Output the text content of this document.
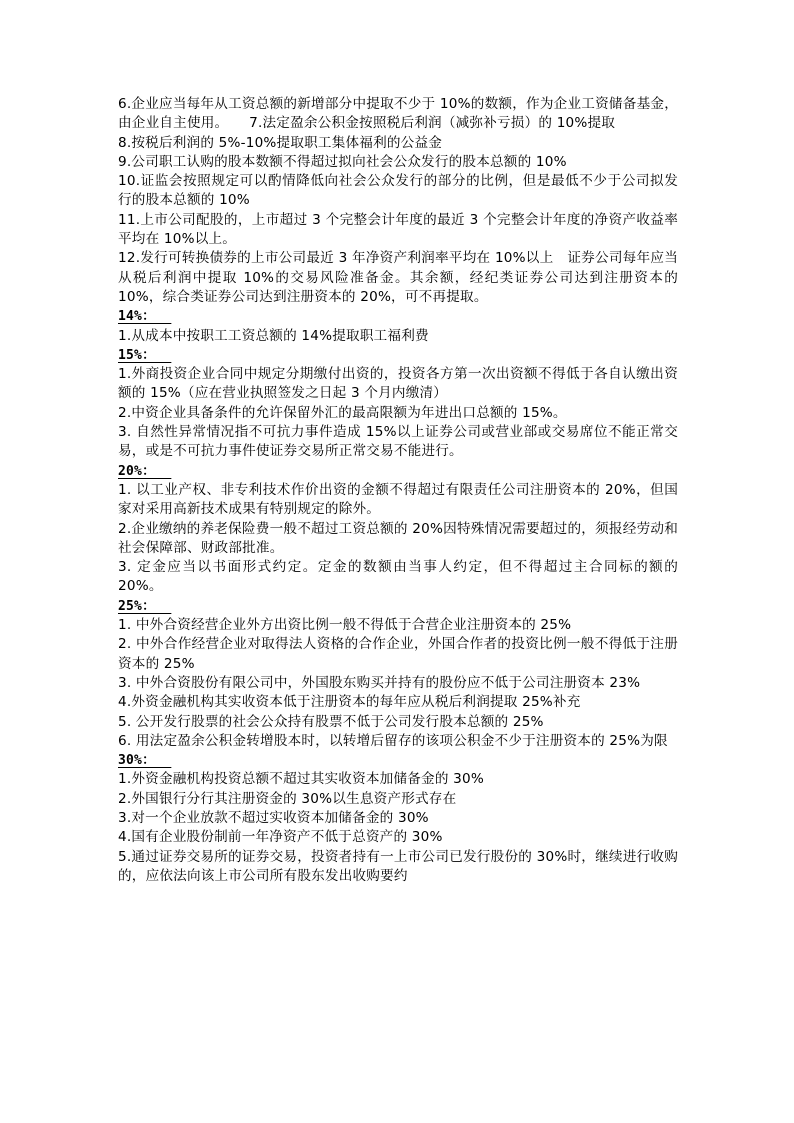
6.企业应当每年从工资总额的新增部分中提取不少于 10%的数额，作为企业工资储备基金，由企业自主使用。　　7.法定盈余公积金按照税后利润（减弥补亏损）的 10%提取

8.按税后利润的 5%-10%提取职工集体福利的公益金

9.公司职工认购的股本数额不得超过拟向社会公众发行的股本总额的 10%

10.证监会按照规定可以酌情降低向社会公众发行的部分的比例，但是最低不少于公司拟发行的股本总额的 10%

11.上市公司配股的，上市超过 3 个完整会计年度的最近 3 个完整会计年度的净资产收益率平均在 10%以上。

12.发行可转换债券的上市公司最近 3 年净资产利润率平均在 10%以上　证券公司每年应当从税后利润中提取 10%的交易风险准备金。其余额，经纪类证券公司达到注册资本的 10%，综合类证券公司达到注册资本的 20%，可不再提取。

14%：

1.从成本中按职工工资总额的 14%提取职工福利费

15%：

1.外商投资企业合同中规定分期缴付出资的，投资各方第一次出资额不得低于各自认缴出资额的 15%（应在营业执照签发之日起 3 个月内缴清）

2.中资企业具备条件的允许保留外汇的最高限额为年进出口总额的 15%。

3. 自然性异常情况指不可抗力事件造成 15%以上证券公司或营业部或交易席位不能正常交易，或是不可抗力事件使证券交易所正常交易不能进行。

20%：

1. 以工业产权、非专利技术作价出资的金额不得超过有限责任公司注册资本的 20%，但国家对采用高新技术成果有特别规定的除外。

2.企业缴纳的养老保险费一般不超过工资总额的 20%因特殊情况需要超过的，须报经劳动和社会保障部、财政部批准。

3. 定金应当以书面形式约定。定金的数额由当事人约定，但不得超过主合同标的额的 20%。

25%：

1. 中外合资经营企业外方出资比例一般不得低于合营企业注册资本的 25%

2. 中外合作经营企业对取得法人资格的合作企业，外国合作者的投资比例一般不得低于注册资本的 25%

3. 中外合资股份有限公司中，外国股东购买并持有的股份应不低于公司注册资本 23%

4.外资金融机构其实收资本低于注册资本的每年应从税后利润提取 25%补充

5. 公开发行股票的社会公众持有股票不低于公司发行股本总额的 25%

6. 用法定盈余公积金转增股本时，以转增后留存的该项公积金不少于注册资本的 25%为限

30%：

1.外资金融机构投资总额不超过其实收资本加储备金的 30%

2.外国银行分行其注册资金的 30%以生息资产形式存在

3.对一个企业放款不超过实收资本加储备金的 30%

4.国有企业股份制前一年净资产不低于总资产的 30%

5.通过证券交易所的证券交易，投资者持有一上市公司已发行股份的 30%时，继续进行收购的，应依法向该上市公司所有股东发出收购要约
